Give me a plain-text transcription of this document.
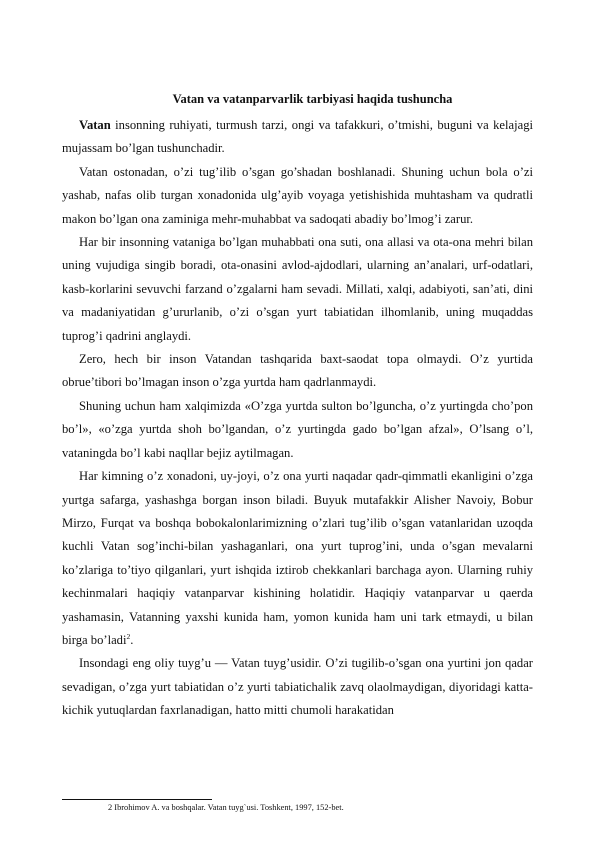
Vatan va vatanparvarlik tarbiyasi haqida tushuncha

Vatan insonning ruhiyati, turmush tarzi, ongi va tafakkuri, o’tmishi, buguni va kelajagi mujassam bo’lgan tushunchadir.

Vatan ostonadan, o’zi tug’ilib o’sgan go’shadan boshlanadi. Shuning uchun bola o’zi yashab, nafas olib turgan xonadonida ulg’ayib voyaga yetishishida muhtasham va qudratli makon bo’lgan ona zaminiga mehr-muhabbat va sadoqati abadiy bo’lmog’i zarur.

Har bir insonning vataniga bo’lgan muhabbati ona suti, ona allasi va ota-ona mehri bilan uning vujudiga singib boradi, ota-onasini avlod-ajdodlari, ularning an’analari, urf-odatlari, kasb-korlarini sevuvchi farzand o’zgalarni ham sevadi. Millati, xalqi, adabiyoti, san’ati, dini va madaniyatidan g’ururlanib, o’zi o’sgan yurt tabiatidan ilhomlanib, uning muqaddas tuprog’i qadrini anglaydi.

Zero, hech bir inson Vatandan tashqarida baxt-saodat topa olmaydi. O’z yurtida obrue’tibori bo’lmagan inson o’zga yurtda ham qadrlanmaydi.

Shuning uchun ham xalqimizda «O’zga yurtda sulton bo’lguncha, o’z yurtingda cho’pon bo’l», «o’zga yurtda shoh bo’lgandan, o’z yurtingda gado bo’lgan afzal», O’lsang o’l, vataningda bo’l kabi naqllar bejiz aytilmagan.

Har kimning o’z xonadoni, uy-joyi, o’z ona yurti naqadar qadr-qimmatli ekanligini o’zga yurtga safarga, yashashga borgan inson biladi. Buyuk mutafakkir Alisher Navoiy, Bobur Mirzo, Furqat va boshqa bobokalonlarimizning o’zlari tug’ilib o’sgan vatanlaridan uzoqda kuchli Vatan sog’inchi-bilan yashaganlari, ona yurt tuprog’ini, unda o’sgan mevalarni ko’zlariga to’tiyo qilganlari, yurt ishqida iztirob chekkanlari barchaga ayon. Ularning ruhiy kechinmalari haqiqiy vatanparvar kishining holatidir. Haqiqiy vatanparvar u qaerda yashamasin, Vatanning yaxshi kunida ham, yomon kunida ham uni tark etmaydi, u bilan birga bo’ladi$^2$.

Insondagi eng oliy tuyg’u — Vatan tuyg’usidir. O’zi tugilib-o’sgan ona yurtini jon qadar sevadigan, o’zga yurt tabiatidan o’z yurti tabiatichalik zavq olaolmaydigan, diyoridagi katta-kichik yutuqlardan faxrlanadigan, hatto mitti chumoli harakatidan

2 Ibrohimov A. va boshqalar. Vatan tuyg`usi. Toshkent, 1997, 152-bet.
